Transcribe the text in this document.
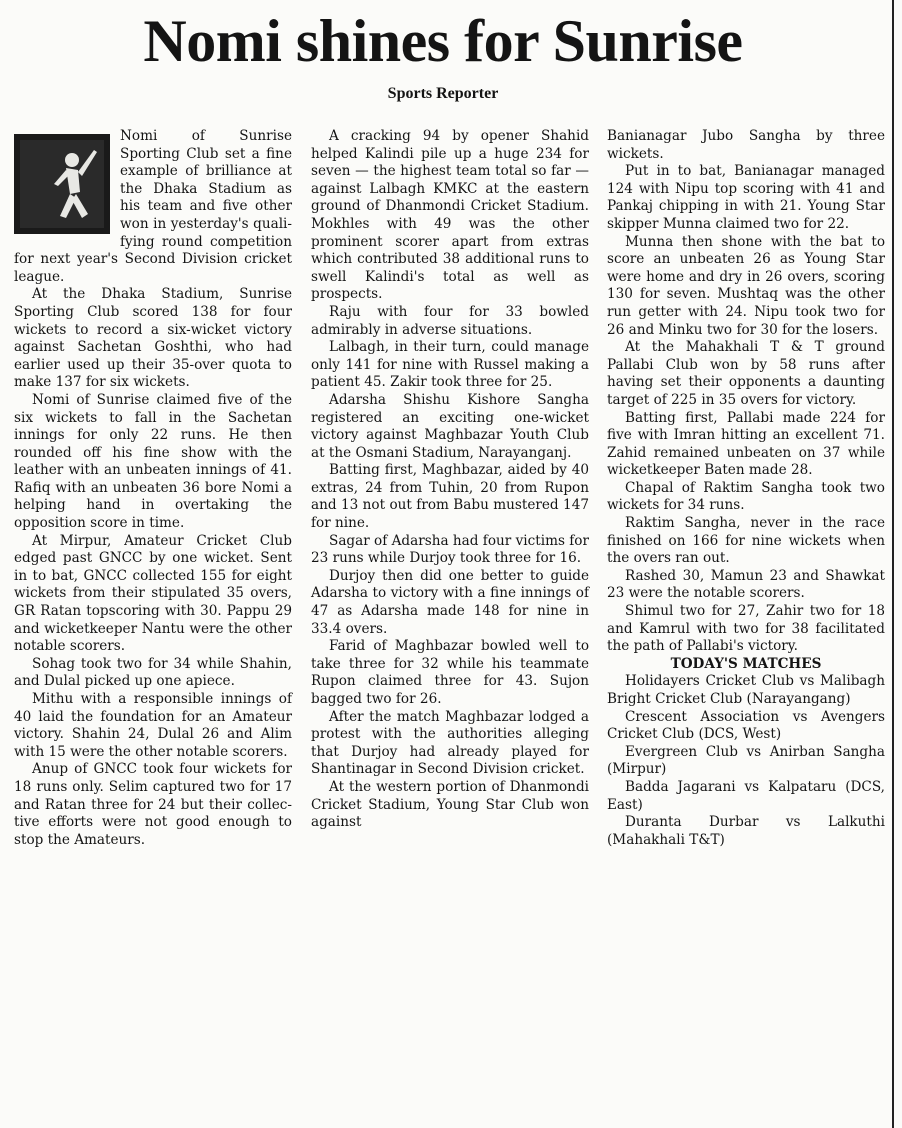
Nomi shines for Sunrise
Sports Reporter

Nomi of Sunrise Sporting Club set a fine example of brilliance at the Dhaka Stadium as his team and five other won in yesterday's qualifying round competition for next year's Second Division cricket league.

At the Dhaka Stadium, Sunrise Sporting Club scored 138 for four wickets to record a six-wicket victory against Sachetan Goshthi, who had earlier used up their 35-over quota to make 137 for six wickets.

Nomi of Sunrise claimed five of the six wickets to fall in the Sachetan innings for only 22 runs. He then rounded off his fine show with the leather with an unbeaten innings of 41. Rafiq with an unbeaten 36 bore Nomi a helping hand in overtaking the opposition score in time.

At Mirpur, Amateur Cricket Club edged past GNCC by one wicket. Sent in to bat, GNCC collected 155 for eight wickets from their stipulated 35 overs, GR Ratan topscoring with 30. Pappu 29 and wicketkeeper Nantu were the other notable scorers.

Sohag took two for 34 while Shahin, and Dulal picked up one apiece.

Mithu with a responsible innings of 40 laid the foundation for an Amateur victory. Shahin 24, Dulal 26 and Alim with 15 were the other notable scorers.

Anup of GNCC took four wickets for 18 runs only. Selim captured two for 17 and Ratan three for 24 but their collective efforts were not good enough to stop the Amateurs.

A cracking 94 by opener Shahid helped Kalindi pile up a huge 234 for seven — the highest team total so far — against Lalbagh KMKC at the eastern ground of Dhanmondi Cricket Stadium. Mokhles with 49 was the other prominent scorer apart from extras which contributed 38 additional runs to swell Kalindi's total as well as prospects.

Raju with four for 33 bowled admirably in adverse situations.

Lalbagh, in their turn, could manage only 141 for nine with Russel making a patient 45. Zakir took three for 25.

Adarsha Shishu Kishore Sangha registered an exciting one-wicket victory against Maghbazar Youth Club at the Osmani Stadium, Narayanganj.

Batting first, Maghbazar, aided by 40 extras, 24 from Tuhin, 20 from Rupon and 13 not out from Babu mustered 147 for nine.

Sagar of Adarsha had four victims for 23 runs while Durjoy took three for 16.

Durjoy then did one better to guide Adarsha to victory with a fine innings of 47 as Adarsha made 148 for nine in 33.4 overs.

Farid of Maghbazar bowled well to take three for 32 while his teammate Rupon claimed three for 43. Sujon bagged two for 26.

After the match Maghbazar lodged a protest with the authorities alleging that Durjoy had already played for Shantinagar in Second Division cricket.

At the western portion of Dhanmondi Cricket Stadium, Young Star Club won against

Banianagar Jubo Sangha by three wickets.

Put in to bat, Banianagar managed 124 with Nipu top scoring with 41 and Pankaj chipping in with 21. Young Star skipper Munna claimed two for 22.

Munna then shone with the bat to score an unbeaten 26 as Young Star were home and dry in 26 overs, scoring 130 for seven. Mushtaq was the other run getter with 24. Nipu took two for 26 and Minku two for 30 for the losers.

At the Mahakhali T & T ground Pallabi Club won by 58 runs after having set their opponents a daunting target of 225 in 35 overs for victory.

Batting first, Pallabi made 224 for five with Imran hitting an excellent 71. Zahid remained unbeaten on 37 while wicketkeeper Baten made 28.

Chapal of Raktim Sangha took two wickets for 34 runs.

Raktim Sangha, never in the race finished on 166 for nine wickets when the overs ran out.

Rashed 30, Mamun 23 and Shawkat 23 were the notable scorers.

Shimul two for 27, Zahir two for 18 and Kamrul with two for 38 facilitated the path of Pallabi's victory.

TODAY'S MATCHES

Holidayers Cricket Club vs Malibagh Bright Cricket Club (Narayangang)

Crescent Association vs Avengers Cricket Club (DCS, West)

Evergreen Club vs Anirban Sangha (Mirpur)

Badda Jagarani vs Kalpataru (DCS, East)

Duranta Durbar vs Lalkuthi (Mahakhali T&T)
